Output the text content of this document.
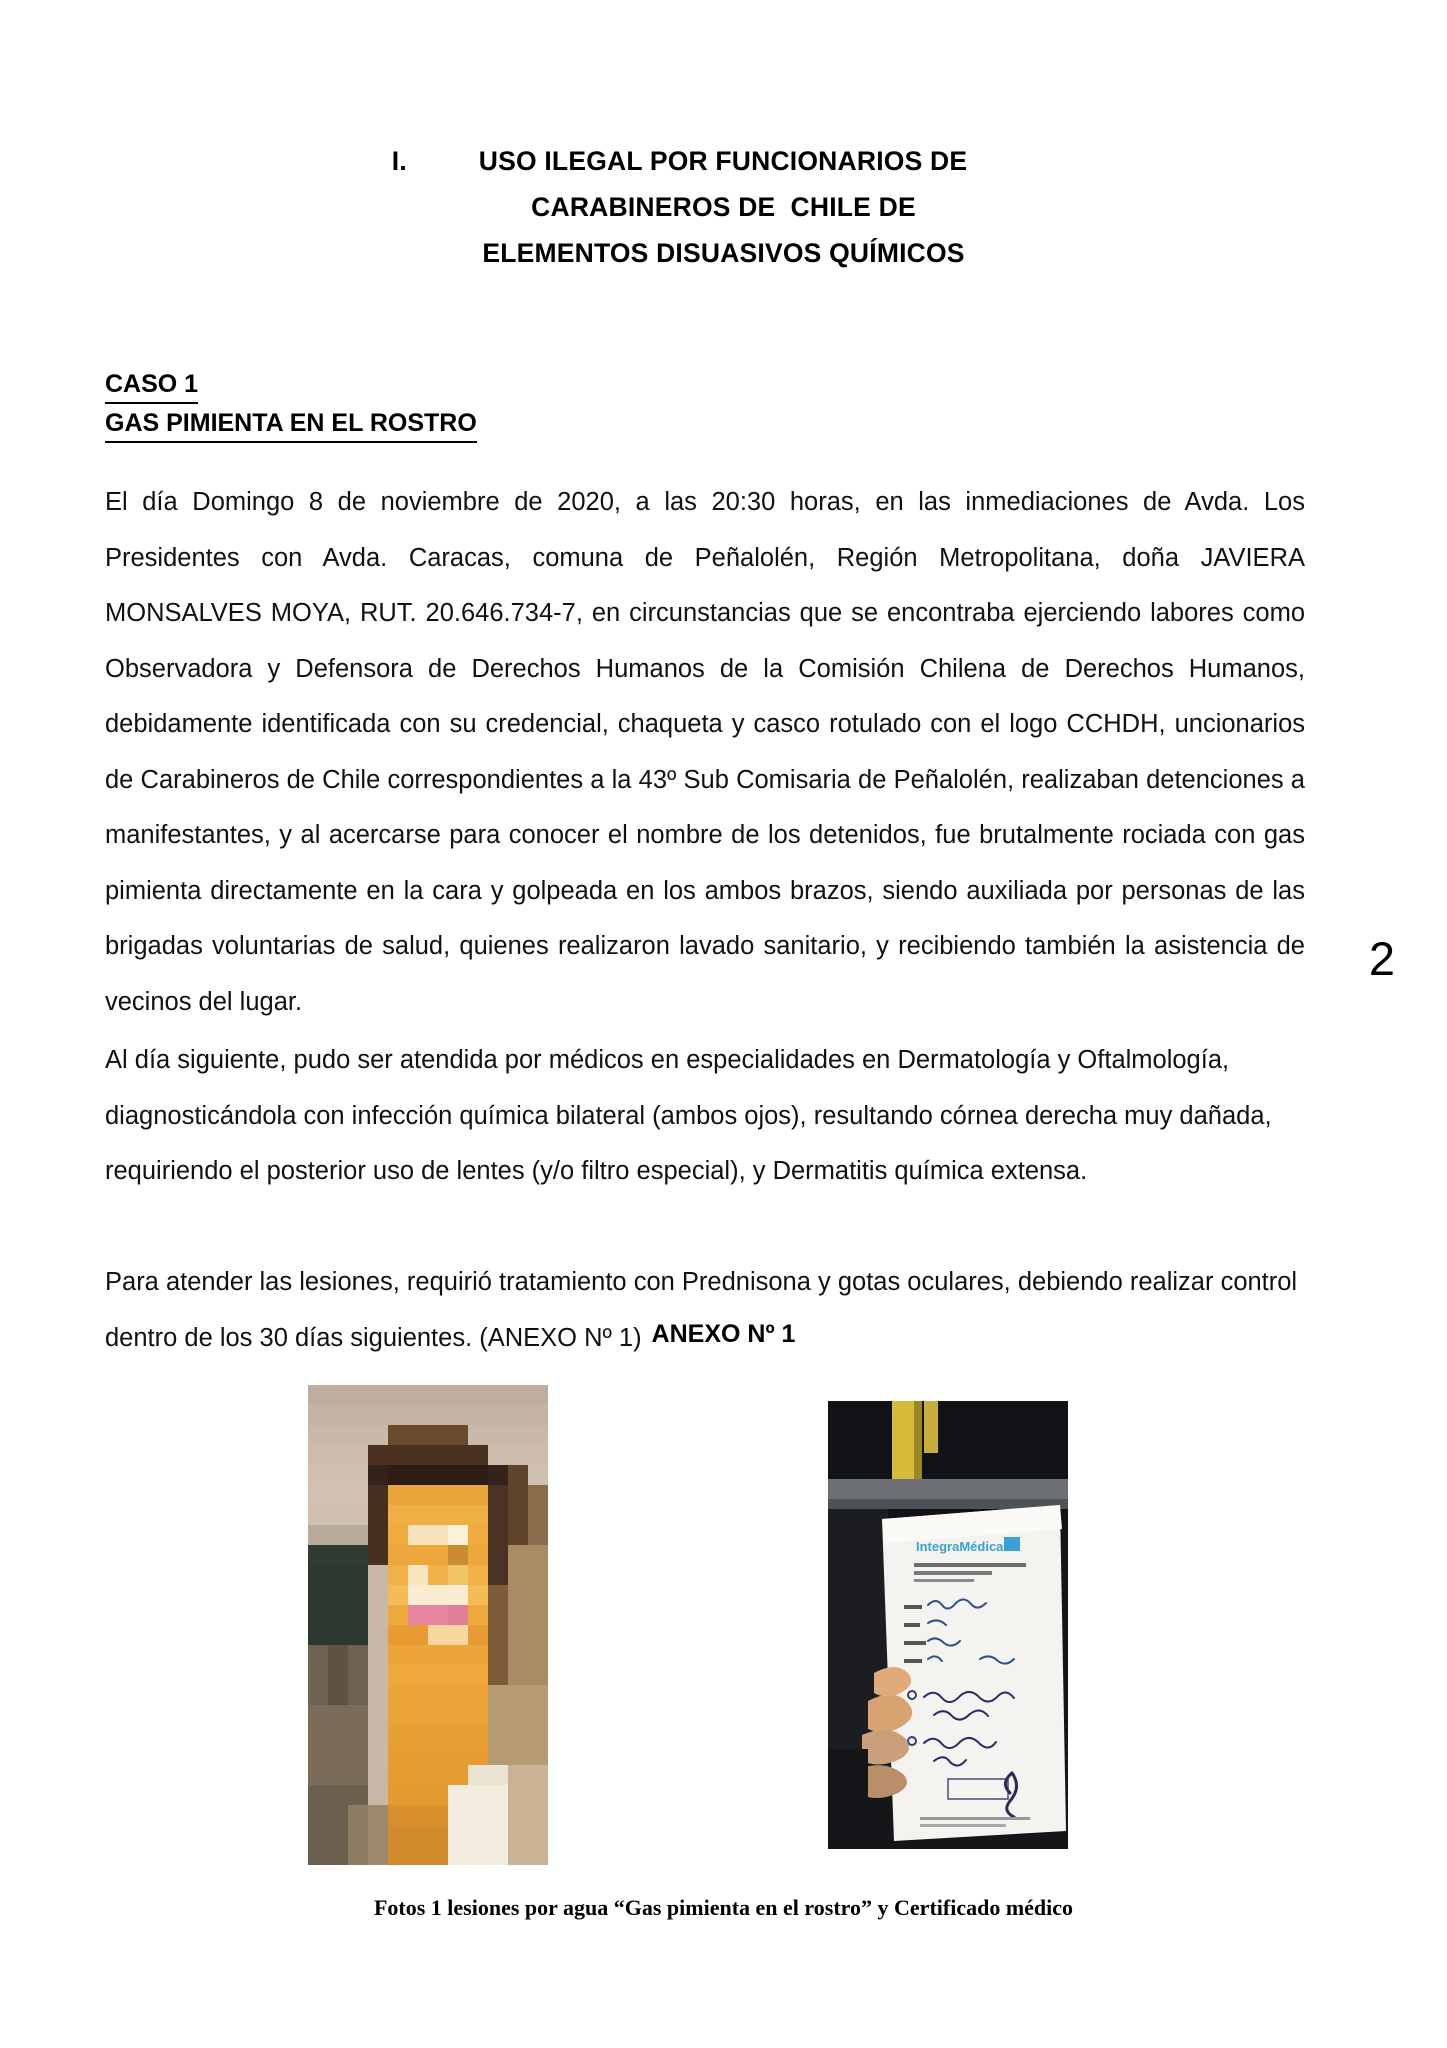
I.	USO ILEGAL POR FUNCIONARIOS DE
CARABINEROS DE  CHILE DE
ELEMENTOS DISUASIVOS QUÍMICOS
CASO 1
GAS PIMIENTA EN EL ROSTRO
El día Domingo 8 de noviembre de 2020, a las 20:30 horas, en las inmediaciones de Avda. Los Presidentes con Avda. Caracas, comuna de Peñalolén, Región Metropolitana, doña JAVIERA MONSALVES MOYA, RUT. 20.646.734-7, en circunstancias que se encontraba ejerciendo labores como Observadora y Defensora de Derechos Humanos de la Comisión Chilena de Derechos Humanos, debidamente identificada con su credencial, chaqueta y casco rotulado con el logo CCHDH, uncionarios de Carabineros de Chile correspondientes a la 43º Sub Comisaria de Peñalolén, realizaban detenciones a manifestantes, y al acercarse para conocer el nombre de los detenidos, fue brutalmente rociada con gas pimienta directamente en la cara y golpeada en los ambos brazos, siendo auxiliada por personas de las brigadas voluntarias de salud, quienes realizaron lavado sanitario, y recibiendo también la asistencia de vecinos del lugar.
2
Al día siguiente, pudo ser atendida por médicos en especialidades en Dermatología y Oftalmología, diagnosticándola con infección química bilateral (ambos ojos), resultando córnea derecha muy dañada, requiriendo el posterior uso de lentes (y/o filtro especial), y Dermatitis química extensa.
Para atender las lesiones, requirió tratamiento con Prednisona y gotas oculares, debiendo realizar control dentro de los 30 días siguientes. (ANEXO Nº 1) ANEXO Nº 1
IntegraMédica
Fotos 1 lesiones por agua “Gas pimienta en el rostro” y Certificado médico
